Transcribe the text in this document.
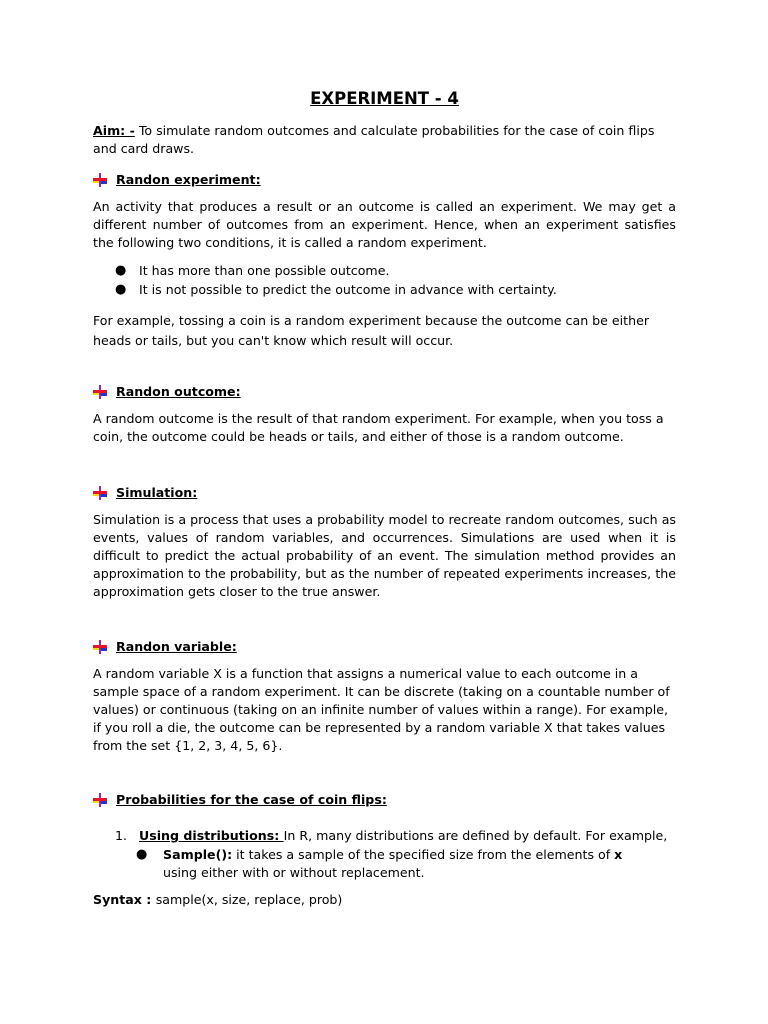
EXPERIMENT - 4

Aim: - To simulate random outcomes and calculate probabilities for the case of coin flips and card draws.

Randon experiment:

An activity that produces a result or an outcome is called an experiment. We may get a different number of outcomes from an experiment. Hence, when an experiment satisfies the following two conditions, it is called a random experiment.

● It has more than one possible outcome.
● It is not possible to predict the outcome in advance with certainty.

For example, tossing a coin is a random experiment because the outcome can be either heads or tails, but you can't know which result will occur.

Randon outcome:

A random outcome is the result of that random experiment. For example, when you toss a coin, the outcome could be heads or tails, and either of those is a random outcome.

Simulation:

Simulation is a process that uses a probability model to recreate random outcomes, such as events, values of random variables, and occurrences. Simulations are used when it is difficult to predict the actual probability of an event. The simulation method provides an approximation to the probability, but as the number of repeated experiments increases, the approximation gets closer to the true answer.

Randon variable:

A random variable X is a function that assigns a numerical value to each outcome in a sample space of a random experiment. It can be discrete (taking on a countable number of values) or continuous (taking on an infinite number of values within a range). For example, if you roll a die, the outcome can be represented by a random variable X that takes values from the set {1, 2, 3, 4, 5, 6}.

Probabilities for the case of coin flips:
1. Using distributions: In R, many distributions are defined by default. For example,
● Sample(): it takes a sample of the specified size from the elements of x using either with or without replacement.
Syntax : sample(x, size, replace, prob)
